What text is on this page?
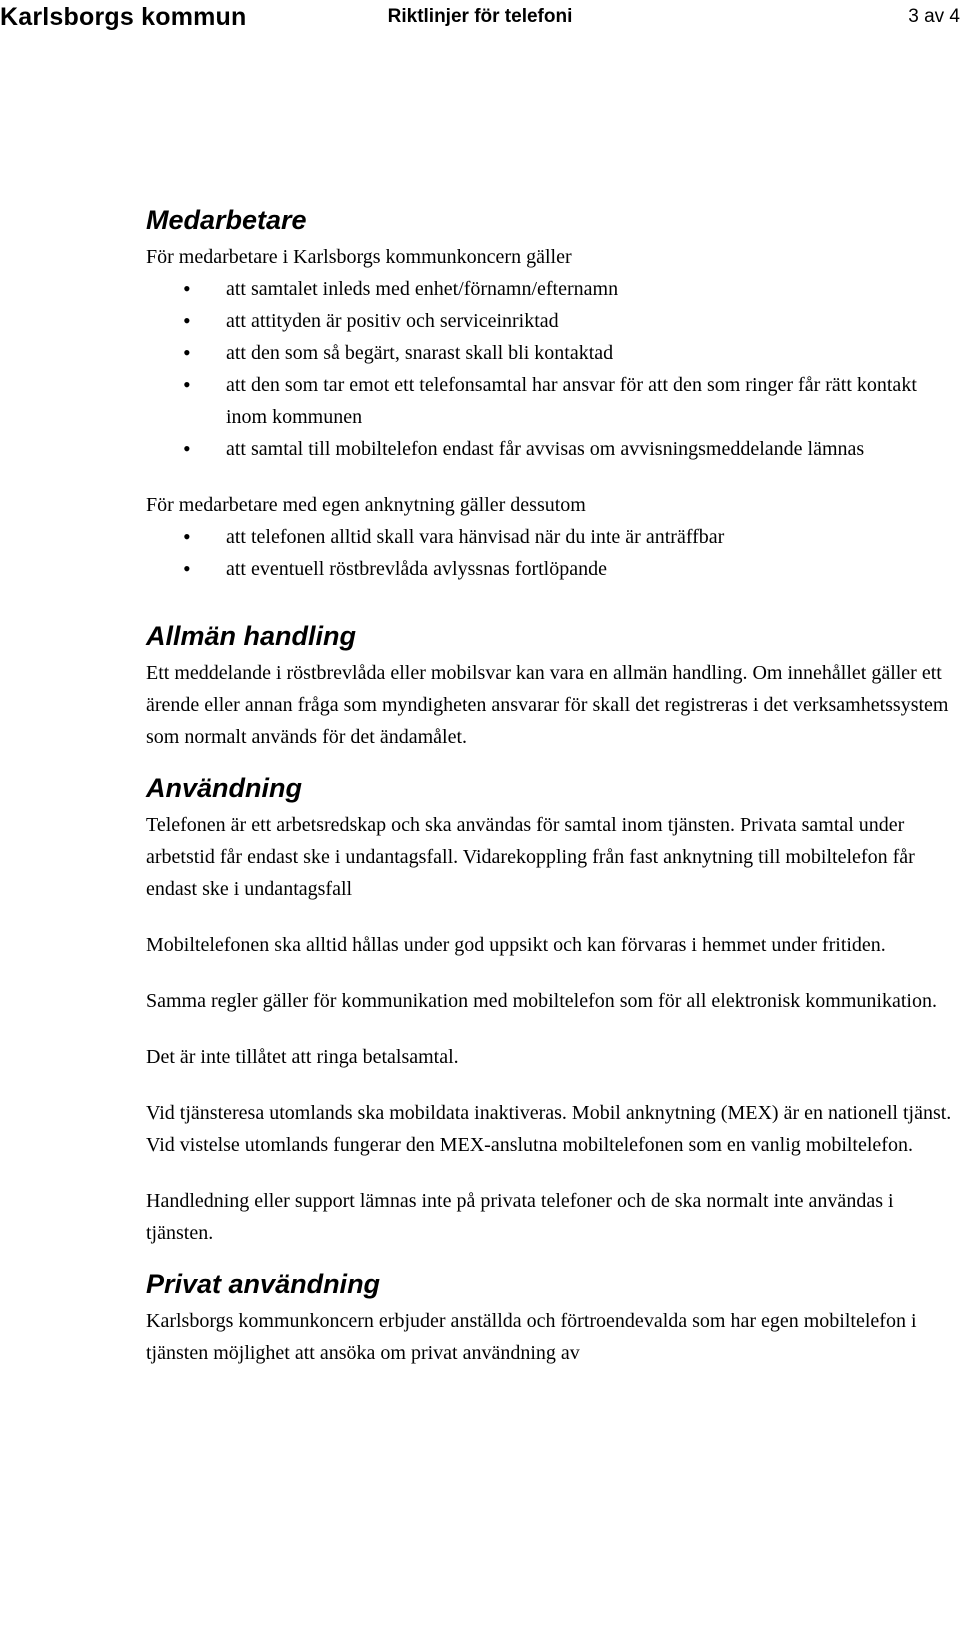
Karlsborgs kommun	Riktlinjer för telefoni	3 av 4
Medarbetare

För medarbetare i Karlsborgs kommunkoncern gäller

• att samtalet inleds med enhet/förnamn/efternamn
• att attityden är positiv och serviceinriktad
• att den som så begärt, snarast skall bli kontaktad
• att den som tar emot ett telefonsamtal har ansvar för att den som ringer får rätt kontakt inom kommunen
• att samtal till mobiltelefon endast får avvisas om avvisningsmeddelande lämnas

För medarbetare med egen anknytning gäller dessutom

• att telefonen alltid skall vara hänvisad när du inte är anträffbar
• att eventuell röstbrevlåda avlyssnas fortlöpande
Allmän handling

Ett meddelande i röstbrevlåda eller mobilsvar kan vara en allmän handling. Om innehållet gäller ett ärende eller annan fråga som myndigheten ansvarar för skall det registreras i det verksamhetssystem som normalt används för det ändamålet.

Användning

Telefonen är ett arbetsredskap och ska användas för samtal inom tjänsten. Privata samtal under arbetstid får endast ske i undantagsfall. Vidarekoppling från fast anknytning till mobiltelefon får endast ske i undantagsfall

Mobiltelefonen ska alltid hållas under god uppsikt och kan förvaras i hemmet under fritiden.

Samma regler gäller för kommunikation med mobiltelefon som för all elektronisk kommunikation.

Det är inte tillåtet att ringa betalsamtal.

Vid tjänsteresa utomlands ska mobildata inaktiveras. Mobil anknytning (MEX) är en nationell tjänst. Vid vistelse utomlands fungerar den MEX-anslutna mobiltelefonen som en vanlig mobiltelefon.

Handledning eller support lämnas inte på privata telefoner och de ska normalt inte användas i tjänsten.

Privat användning

Karlsborgs kommunkoncern erbjuder anställda och förtroendevalda som har egen mobiltelefon i tjänsten möjlighet att ansöka om privat användning av
